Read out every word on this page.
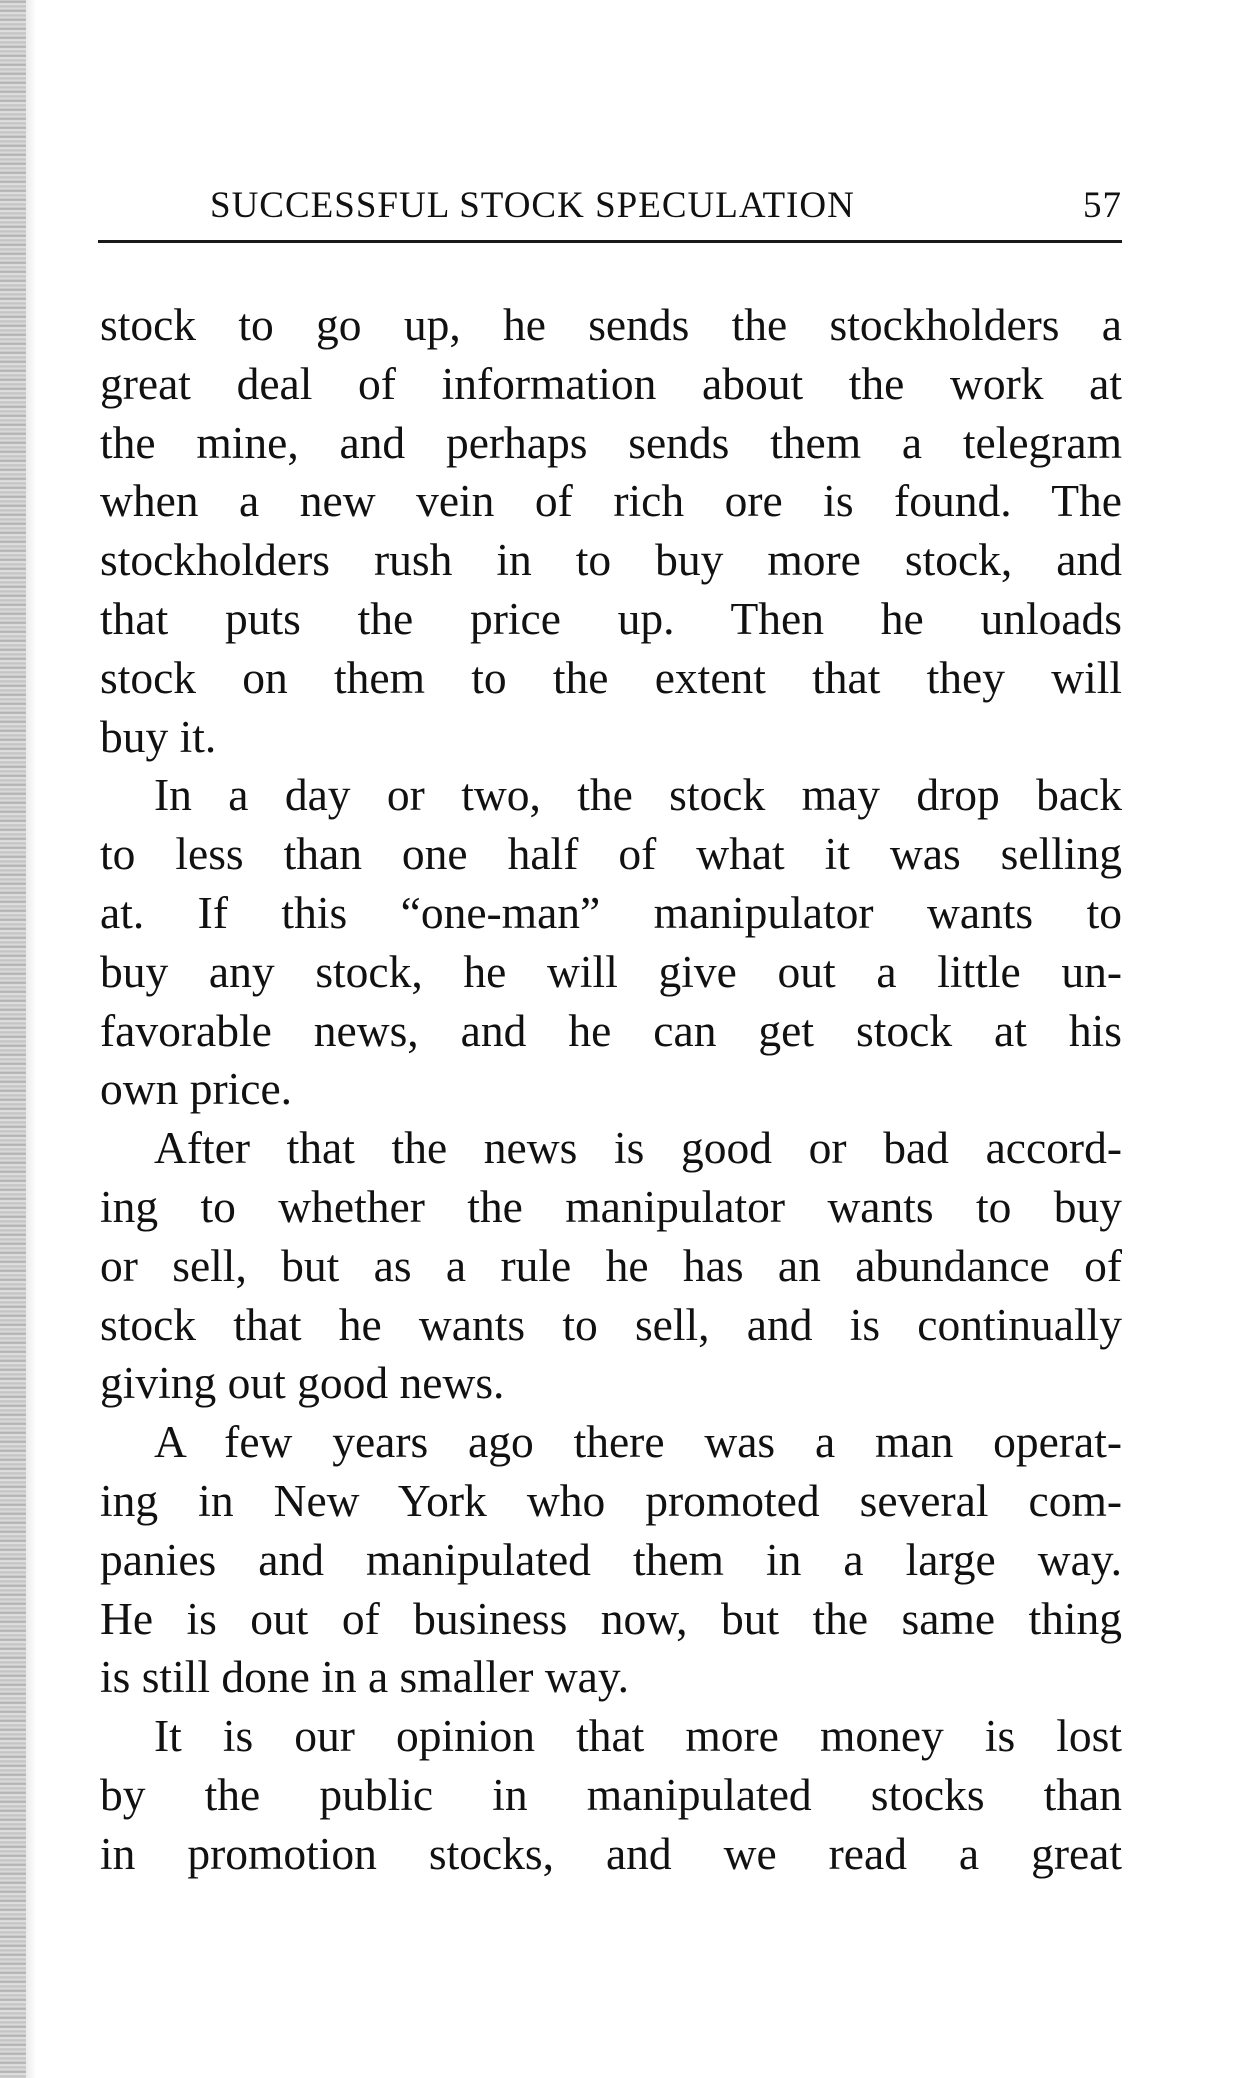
SUCCESSFUL STOCK SPECULATION	57
stock to go up, he sends the stockholders a
great deal of information about the work at
the mine, and perhaps sends them a telegram
when a new vein of rich ore is found. The
stockholders rush in to buy more stock, and
that puts the price up. Then he unloads
stock on them to the extent that they will
buy it.
In a day or two, the stock may drop back
to less than one half of what it was selling
at. If this “one-man” manipulator wants to
buy any stock, he will give out a little un-
favorable news, and he can get stock at his
own price.
After that the news is good or bad accord-
ing to whether the manipulator wants to buy
or sell, but as a rule he has an abundance of
stock that he wants to sell, and is continually
giving out good news.
A few years ago there was a man operat-
ing in New York who promoted several com-
panies and manipulated them in a large way.
He is out of business now, but the same thing
is still done in a smaller way.
It is our opinion that more money is lost
by the public in manipulated stocks than
in promotion stocks, and we read a great
